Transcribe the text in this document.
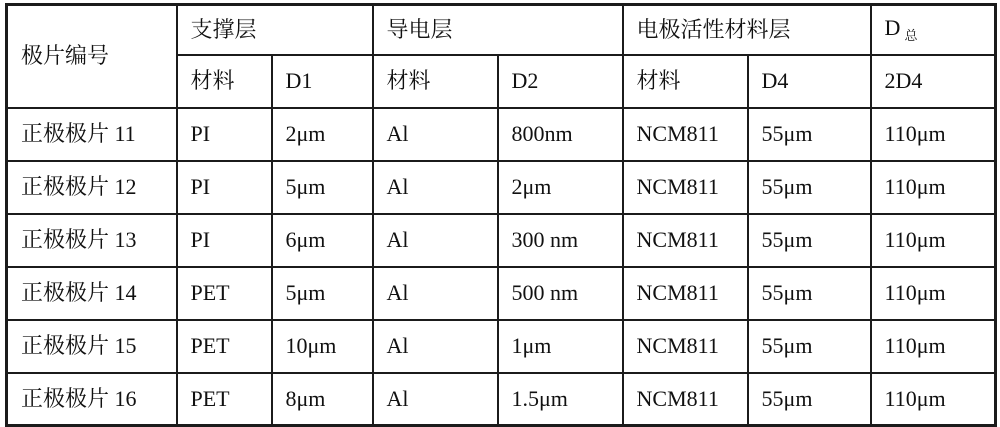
极片编号	支撑层		导电层		电极活性材料层		D $_总$
	材料	D1	材料	D2	材料	D4	2D4
正极极片 11	PI	2μm	Al	800nm	NCM811	55μm	110μm
正极极片 12	PI	5μm	Al	2μm	NCM811	55μm	110μm
正极极片 13	PI	6μm	Al	300 nm	NCM811	55μm	110μm
正极极片 14	PET	5μm	Al	500 nm	NCM811	55μm	110μm
正极极片 15	PET	10μm	Al	1μm	NCM811	55μm	110μm
正极极片 16	PET	8μm	Al	1.5μm	NCM811	55μm	110μm
